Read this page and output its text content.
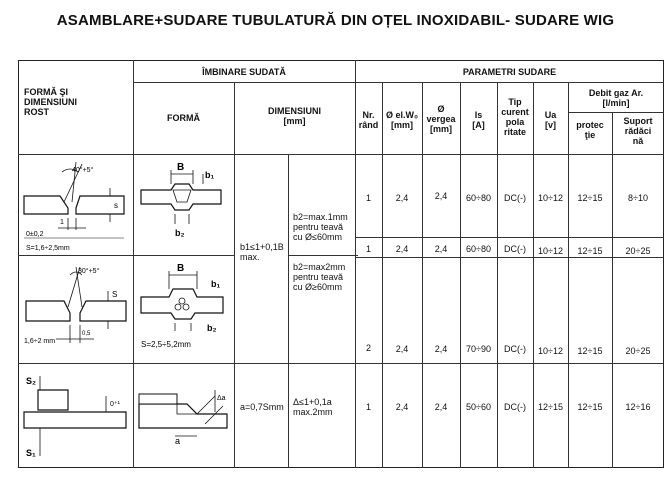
ASAMBLARE+SUDARE TUBULATURĂ DIN OȚEL INOXIDABIL- SUDARE WIG
FORMĂ ŞI
DIMENSIUNI
ROST
ÎMBINARE SUDATĂ
FORMĂ
DIMENSIUNI
[mm]
PARAMETRI SUDARE
Nr.
rând
Ø el.W₀
[mm]
Ø
vergea
[mm]
Is
[A]
Tip
curent
pola
ritate
Ua
[v]
Debit gaz Ar.
[l/min]
protec
ţie
Suport
rădăci
nă
b1≤1+0,1B
max.
b2=max.1mm
pentru teavă
cu Ø≤60mm
b2=max2mm
pentru teavă
cu Ø≥60mm
a=0,7Smm	Δ≤1+0,1a
max.2mm
1	2,4	2,4	60÷80	DC(-)	10÷12	12÷15	8÷10
1	2,4	2,4	60÷80	DC(-)	10÷12	12÷15	20÷25
2	2,4	2,4	70÷90	DC(-)	10÷12	12÷15	20÷25
1	2,4	2,4	50÷60	DC(-)	12÷15	12÷15	12÷16
40°+5°
s
0±0,2
1
S=1,6÷2,5mm
B
b₁
b₂
30°+5°
S
0,5
1,6÷2 mm
B
b₁
b₂
S=2,5÷5,2mm
S₂
0⁺¹
S₁
a
Δa
